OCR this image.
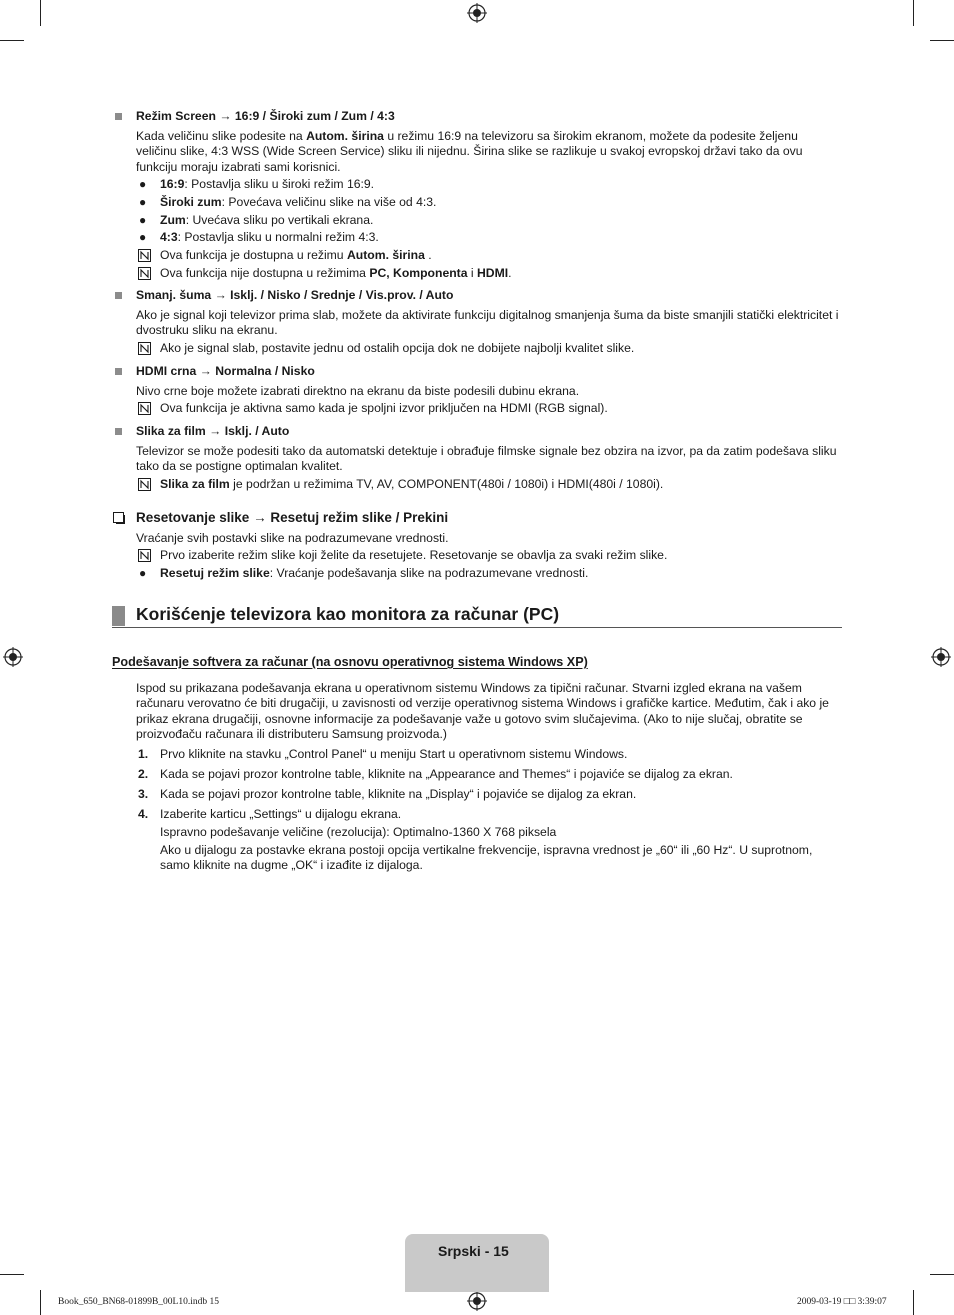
Režim Screen → 16:9 / Široki zum / Zum / 4:3
Kada veličinu slike podesite na Autom. širina u režimu 16:9 na televizoru sa širokim ekranom, možete da podesite željenu veličinu slike, 4:3 WSS (Wide Screen Service) sliku ili nijednu. Širina slike se razlikuje u svakoj evropskoj državi tako da ovu funkciju moraju izabrati sami korisnici.
● 16:9: Postavlja sliku u široki režim 16:9.
● Široki zum: Povećava veličinu slike na više od 4:3.
● Zum: Uvećava sliku po vertikali ekrana.
● 4:3: Postavlja sliku u normalni režim 4:3.
Ova funkcija je dostupna u režimu Autom. širina .
Ova funkcija nije dostupna u režimima PC, Komponenta i HDMI.
Smanj. šuma → Isklj. / Nisko / Srednje / Vis.prov. / Auto
Ako je signal koji televizor prima slab, možete da aktivirate funkciju digitalnog smanjenja šuma da biste smanjili statički elektricitet i dvostruku sliku na ekranu.
Ako je signal slab, postavite jednu od ostalih opcija dok ne dobijete najbolji kvalitet slike.
HDMI crna → Normalna / Nisko
Nivo crne boje možete izabrati direktno na ekranu da biste podesili dubinu ekrana.
Ova funkcija je aktivna samo kada je spoljni izvor priključen na HDMI (RGB signal).
Slika za film → Isklj. / Auto
Televizor se može podesiti tako da automatski detektuje i obrađuje filmske signale bez obzira na izvor, pa da zatim podešava sliku tako da se postigne optimalan kvalitet.
Slika za film je podržan u režimima TV, AV, COMPONENT(480i / 1080i) i HDMI(480i / 1080i).
Resetovanje slike → Resetuj režim slike / Prekini
Vraćanje svih postavki slike na podrazumevane vrednosti.
Prvo izaberite režim slike koji želite da resetujete. Resetovanje se obavlja za svaki režim slike.
● Resetuj režim slike: Vraćanje podešavanja slike na podrazumevane vrednosti.
Korišćenje televizora kao monitora za računar (PC)
Podešavanje softvera za računar (na osnovu operativnog sistema Windows XP)
Ispod su prikazana podešavanja ekrana u operativnom sistemu Windows za tipični računar. Stvarni izgled ekrana na vašem računaru verovatno će biti drugačiji, u zavisnosti od verzije operativnog sistema Windows i grafičke kartice. Međutim, čak i ako je prikaz ekrana drugačiji, osnovne informacije za podešavanje važe u gotovo svim slučajevima. (Ako to nije slučaj, obratite se proizvođaču računara ili distributeru Samsung proizvoda.)
1. Prvo kliknite na stavku „Control Panel“ u meniju Start u operativnom sistemu Windows.
2. Kada se pojavi prozor kontrolne table, kliknite na „Appearance and Themes“ i pojaviće se dijalog za ekran.
3. Kada se pojavi prozor kontrolne table, kliknite na „Display“ i pojaviće se dijalog za ekran.
4. Izaberite karticu „Settings“ u dijalogu ekrana.
Ispravno podešavanje veličine (rezolucija): Optimalno-1360 X 768 piksela
Ako u dijalogu za postavke ekrana postoji opcija vertikalne frekvencije, ispravna vrednost je „60“ ili „60 Hz“. U suprotnom, samo kliknite na dugme „OK“ i izađite iz dijaloga.
Srpski - 15
Book_650_BN68-01899B_00L10.indb 15	2009-03-19 □□ 3:39:07
